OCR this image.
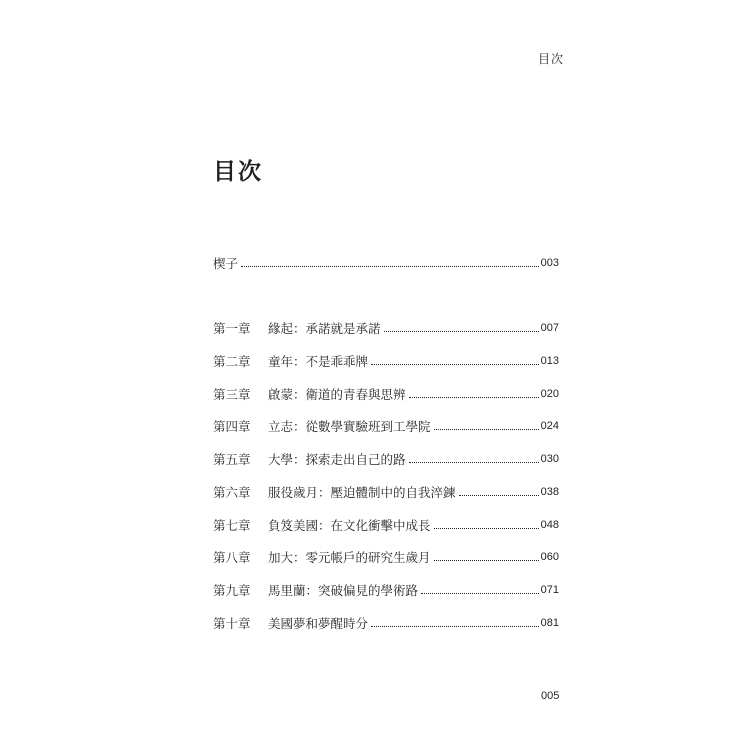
目次
目次
楔子	003
第一章	緣起：承諾就是承諾	007
第二章	童年：不是乖乖牌	013
第三章	啟蒙：衛道的青春與思辨	020
第四章	立志：從數學實驗班到工學院	024
第五章	大學：探索走出自己的路	030
第六章	服役歲月：壓迫體制中的自我淬鍊	038
第七章	負笈美國：在文化衝擊中成長	048
第八章	加大：零元帳戶的研究生歲月	060
第九章	馬里蘭：突破偏見的學術路	071
第十章	美國夢和夢醒時分	081
005
